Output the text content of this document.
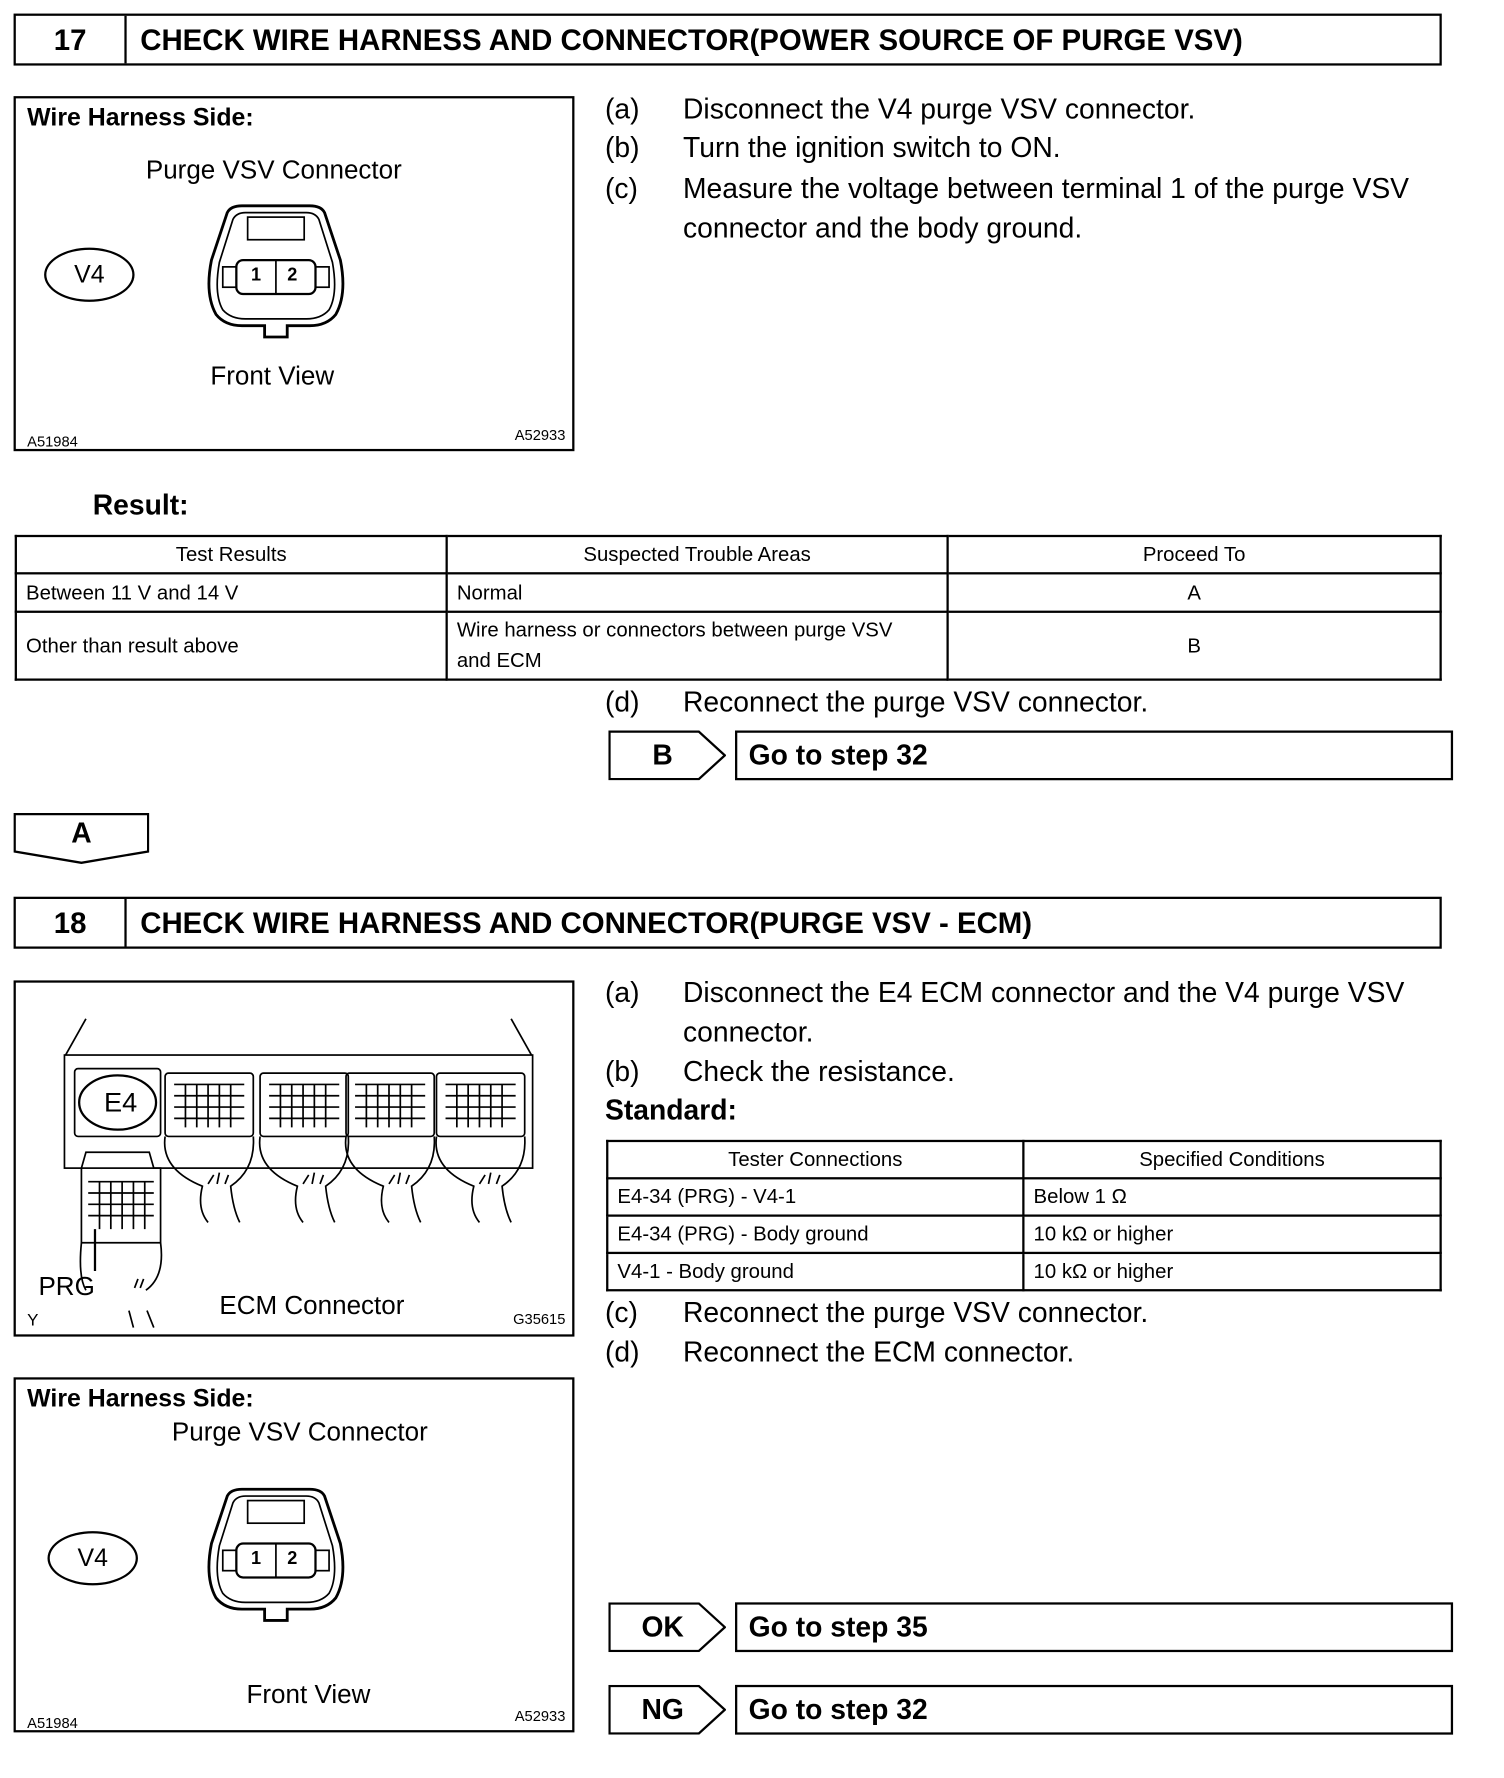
17	CHECK WIRE HARNESS AND CONNECTOR(POWER SOURCE OF PURGE VSV)
Wire Harness Side:
Purge VSV Connector
V4	1 2
Front View
A51984	A52933
(a) Disconnect the V4 purge VSV connector.
(b) Turn the ignition switch to ON.
(c) Measure the voltage between terminal 1 of the purge VSV
connector and the body ground.
Result:
Test Results	Suspected Trouble Areas	Proceed To
Between 11 V and 14 V	Normal	A
Other than result above	Wire harness or connectors between purge VSV
and ECM	B
(d) Reconnect the purge VSV connector.
B	Go to step 32
A
18	CHECK WIRE HARNESS AND CONNECTOR(PURGE VSV - ECM)
E4
PRG
ECM Connector
Y	G35615
Wire Harness Side:
Purge VSV Connector
V4	1 2
Front View
A51984	A52933
(a) Disconnect the E4 ECM connector and the V4 purge VSV
connector.
(b) Check the resistance.
Standard:
Tester Connections	Specified Conditions
E4-34 (PRG) - V4-1	Below 1 Ω
E4-34 (PRG) - Body ground	10 kΩ or higher
V4-1 - Body ground	10 kΩ or higher
(c) Reconnect the purge VSV connector.
(d) Reconnect the ECM connector.
OK	Go to step 35
NG	Go to step 32
